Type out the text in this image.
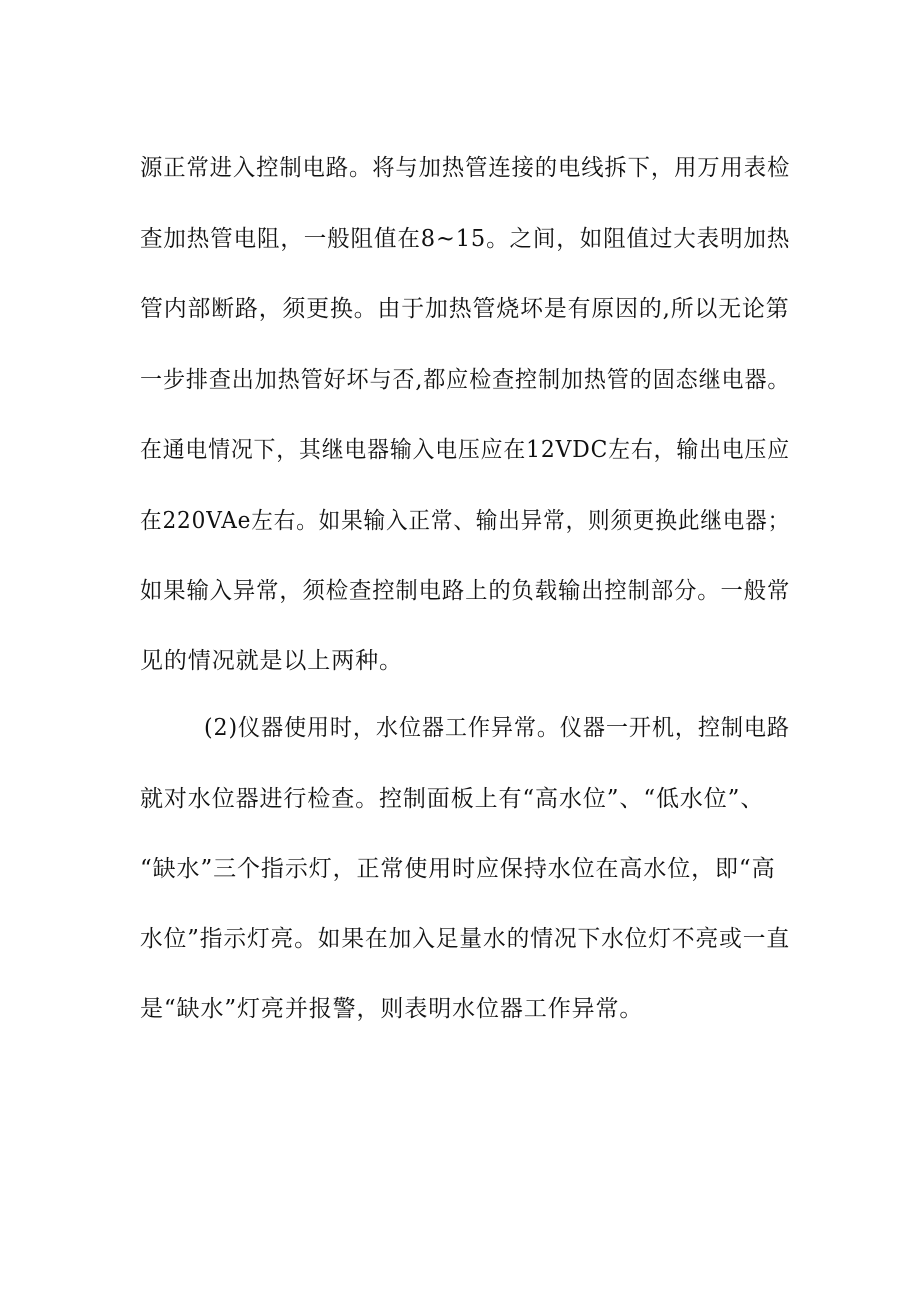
源正常进入控制电路。将与加热管连接的电线拆下，用万用表检
查加热管电阻，一般阻值在8~15。之间，如阻值过大表明加热
管内部断路，须更换。由于加热管烧坏是有原因的,所以无论第
一步排查出加热管好坏与否,都应检查控制加热管的固态继电器。
在通电情况下，其继电器输入电压应在12VDC左右，输出电压应
在220VAe左右。如果输入正常、输出异常，则须更换此继电器；
如果输入异常，须检查控制电路上的负载输出控制部分。一般常
见的情况就是以上两种。
(2)仪器使用时，水位器工作异常。仪器一开机，控制电路
就对水位器进行检查。控制面板上有“高水位”、“低水位”、
“缺水”三个指示灯，正常使用时应保持水位在高水位，即“高
水位”指示灯亮。如果在加入足量水的情况下水位灯不亮或一直
是“缺水”灯亮并报警，则表明水位器工作异常。
